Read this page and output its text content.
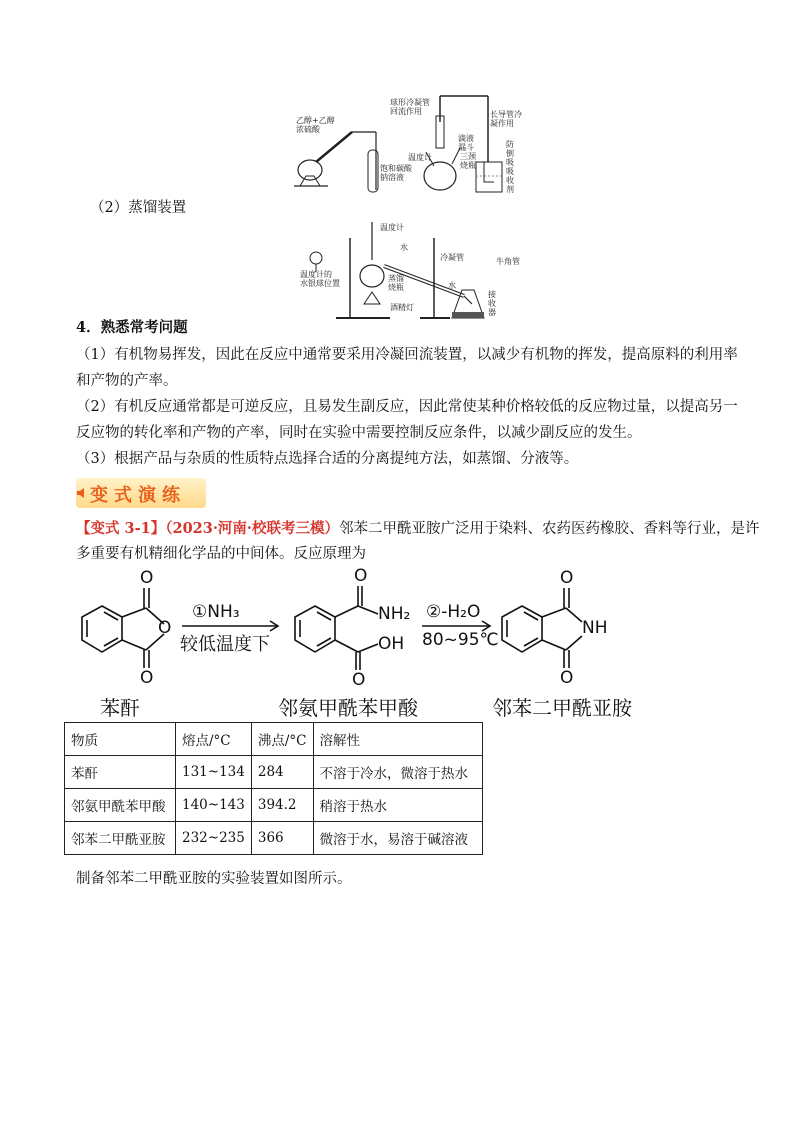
乙醇+乙醇
浓硫酸
饱和碳酸
钠溶液
球形冷凝管
回流作用	长导管冷
凝作用
温度计
滴液
漏斗
三颈
烧瓶
防倒吸吸收剂
（2）蒸馏装置
温度计
水
冷凝管
水
牛角管
温度计的
水银球位置
蒸馏
烧瓶
酒精灯
接收器
4．熟悉常考问题
（1）有机物易挥发，因此在反应中通常要采用冷凝回流装置，以减少有机物的挥发，提高原料的利用率
和产物的产率。
（2）有机反应通常都是可逆反应，且易发生副反应，因此常使某种价格较低的反应物过量，以提高另一
反应物的转化率和产物的产率，同时在实验中需要控制反应条件，以减少副反应的发生。
（3）根据产品与杂质的性质特点选择合适的分离提纯方法，如蒸馏、分液等。
变式演练
【变式 3-1】（2023·河南·校联考三模）邻苯二甲酰亚胺广泛用于染料、农药医药橡胶、香料等行业，是许
多重要有机精细化学品的中间体。反应原理为
O
O
O
O
NH₂
OH
O
O
NH
O
①NH₃
较低温度下
②-H₂O
80~95℃
苯酐	邻氨甲酰苯甲酸	邻苯二甲酰亚胺
物质	熔点/°C	沸点/°C	溶解性
苯酐	131~134	284	不溶于冷水，微溶于热水
邻氨甲酰苯甲酸	140~143	394.2	稍溶于热水
邻苯二甲酰亚胺	232~235	366	微溶于水，易溶于碱溶液
制备邻苯二甲酰亚胺的实验装置如图所示。
